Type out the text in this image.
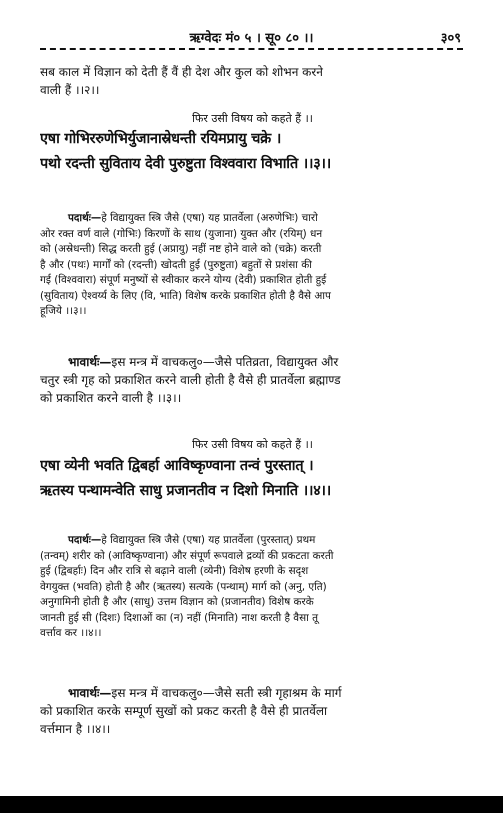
ऋग्वेदः मं० ५ । सू० ८० ।।	३०९
सब काल में विज्ञान को देती हैं वैं ही देश और कुल को शोभन करने
वाली हैं ।।२।।
फिर उसी विषय को कहते हैं ।।
एषा गोभिररुणेभिर्युजानास्रेधन्ती रयिमप्रायु चक्रे ।
पथो रदन्ती सुविताय देवी पुरुष्टुता विश्ववारा विभाति ।।३।।
पदार्थः—हे विद्यायुक्त स्त्रि जैसे (एषा) यह प्रातर्वेला (अरुणेभिः) चारो
ओर रक्त वर्ण वाले (गोभिः) किरणों के साथ (युजाना) युक्त और (रयिम्) धन
को (अस्रेधन्ती) सिद्ध करती हुई (अप्रायु) नहीं नष्ट होने वाले को (चक्रे) करती
है और (पथः) मार्गों को (रदन्ती) खोदती हुई (पुरुष्टुता) बहुतों से प्रशंसा की
गई (विश्ववारा) संपूर्ण मनुष्यों से स्वीकार करने योग्य (देवी) प्रकाशित होती हुई
(सुविताय) ऐश्वर्य्य के लिए (वि, भाति) विशेष करके प्रकाशित होती है वैसे आप
हूजिये ।।३।।
भावार्थः—इस मन्त्र में वाचकलु०—जैसे पतिव्रता, विद्यायुक्त और
चतुर स्त्री गृह को प्रकाशित करने वाली होती है वैसे ही प्रातर्वेला ब्रह्माण्ड
को प्रकाशित करने वाली है ।।३।।
फिर उसी विषय को कहते हैं ।।
एषा व्येनी भवति द्विबर्हा आविष्कृण्वाना तन्वं पुरस्तात् ।
ऋतस्य पन्थामन्वेति साधु प्रजानतीव न दिशो मिनाति ।।४।।
पदार्थः—हे विद्यायुक्त स्त्रि जैसे (एषा) यह प्रातर्वेला (पुरस्तात्) प्रथम
(तन्वम्) शरीर को (आविष्कृण्वाना) और संपूर्ण रूपवाले द्रव्यों की प्रकटता करती
हुई (द्विबर्हाः) दिन और रात्रि से बढ़ाने वाली (व्येनी) विशेष हरणी के सदृश
वेगयुक्त (भवति) होती है और (ऋतस्य) सत्यके (पन्थाम्) मार्ग को (अनु, एति)
अनुगामिनी होती है और (साधु) उत्तम विज्ञान को (प्रजानतीव) विशेष करके
जानती हुई सी (दिशः) दिशाओं का (न) नहीं (मिनाति) नाश करती है वैसा तू
वर्त्ताव कर ।।४।।
भावार्थः—इस मन्त्र में वाचकलु०—जैसे सती स्त्री गृहाश्रम के मार्ग
को प्रकाशित करके सम्पूर्ण सुखों को प्रकट करती है वैसे ही प्रातर्वेला
वर्त्तमान है ।।४।।
